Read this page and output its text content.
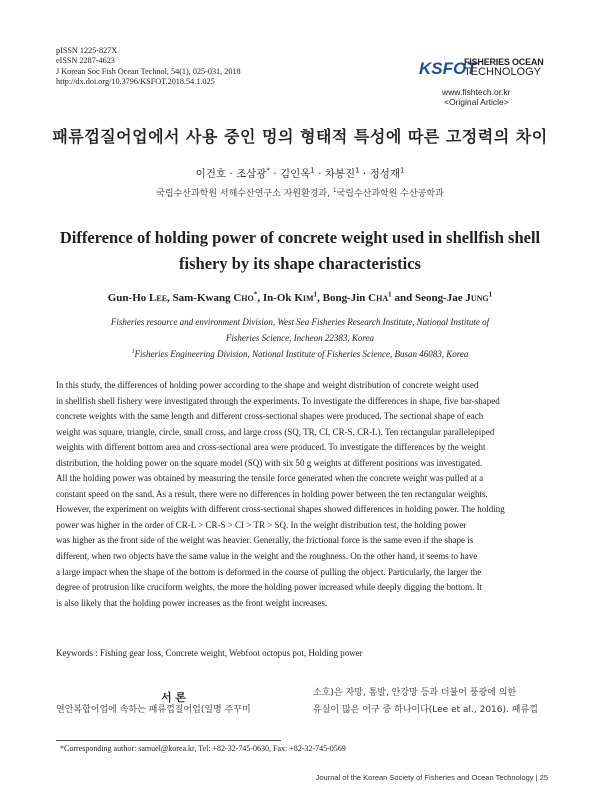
pISSN 1225-827X
eISSN 2287-4623
J Korean Soc Fish Ocean Technol, 54(1), 025-031, 2018
http://dx.doi.org/10.3796/KSFOT.2018.54.1.025
KSFOT
FISHERIES OCEAN
TECHNOLOGY
www.fishtech.or.kr
<Original Article>
패류껍질어업에서 사용 중인 멍의 형태적 특성에 따른 고정력의 차이
이건호 · 조삼광* · 김인옥$^1$ · 차봉진$^1$ · 정성재$^1$
국립수산과학원 서해수산연구소 자원환경과, $^1$국립수산과학원 수산공학과
Difference of holding power of concrete weight used in shellfish shell
fishery by its shape characteristics
Gun-Ho Lee, Sam-Kwang Cho*, In-Ok Kim$^1$, Bong-Jin Cha$^1$ and Seong-Jae Jung$^1$
Fisheries resource and environment Division, West Sea Fisheries Research Institute, National Institute of
Fisheries Science, Incheon 22383, Korea
$^1$Fisheries Engineering Division, National Institute of Fisheries Science, Busan 46083, Korea
In this study, the differences of holding power according to the shape and weight distribution of concrete weight used
in shellfish shell fishery were investigated through the experiments. To investigate the differences in shape, five bar-shaped
concrete weights with the same length and different cross-sectional shapes were produced. The sectional shape of each
weight was square, triangle, circle, small cross, and large cross (SQ, TR, CI, CR-S, CR-L). Ten rectangular parallelepiped
weights with different bottom area and cross-sectional area were produced. To investigate the differences by the weight
distribution, the holding power on the square model (SQ) with six 50 g weights at different positions was investigated.
All the holding power was obtained by measuring the tensile force generated when the concrete weight was pulled at a
constant speed on the sand. As a result, there were no differences in holding power between the ten rectangular weights.
However, the experiment on weights with different cross-sectional shapes showed differences in holding power. The holding
power was higher in the order of CR-L > CR-S > CI > TR > SQ. In the weight distribution test, the holding power
was higher as the front side of the weight was heavier. Generally, the frictional force is the same even if the shape is
different, when two objects have the same value in the weight and the roughness. On the other hand, it seems to have
a large impact when the shape of the bottom is deformed in the course of pulling the object. Particularly, the larger the
degree of protrusion like cruciform weights, the more the holding power increased while deeply digging the bottom. It
is also likely that the holding power increases as the front weight increases.
Keywords : Fishing gear loss, Concrete weight, Webfoot octopus pot, Holding power
서 론
연안복합어업에 속하는 패류껍질어업(일명 주꾸미
소호)은 자망, 통발, 안강망 등과 더불어 풍광에 의한
유실이 많은 어구 중 하나이다(Lee et al., 2016). 패류껍
*Corresponding author: samuel@korea.kr, Tel: +82-32-745-0630, Fax: +82-32-745-0569
Journal of the Korean Society of Fisheries and Ocean Technology | 25
